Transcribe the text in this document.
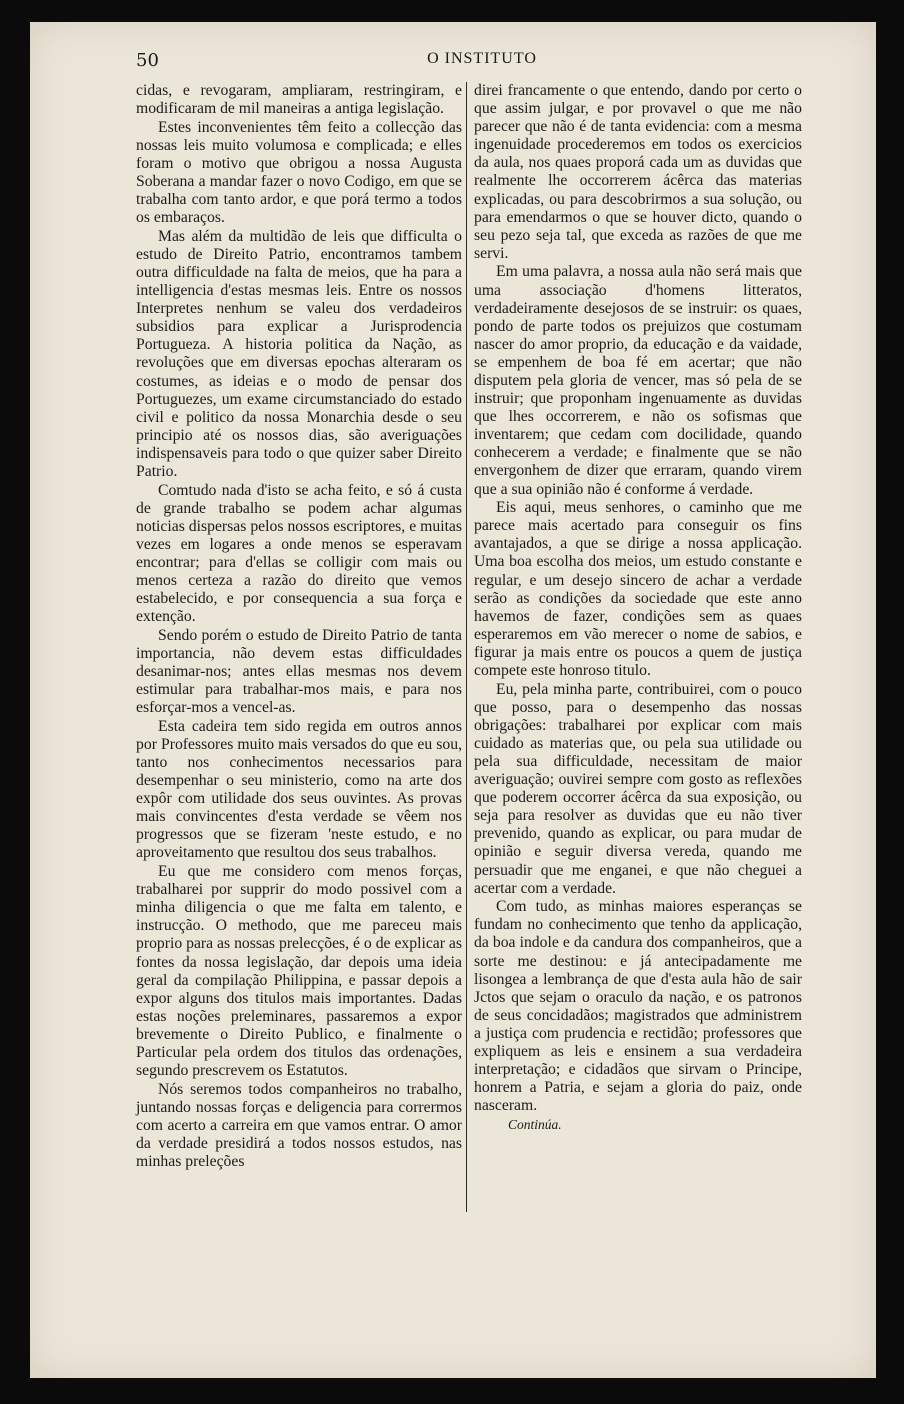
50	O INSTITUTO

cidas, e revogaram, ampliaram, restringiram, e modificaram de mil maneiras a antiga legislação.

Estes inconvenientes têm feito a collecção das nossas leis muito volumosa e complicada; e elles foram o motivo que obrigou a nossa Augusta Soberana a mandar fazer o novo Codigo, em que se trabalha com tanto ardor, e que porá termo a todos os embaraços.

Mas além da multidão de leis que difficulta o estudo de Direito Patrio, encontramos tambem outra difficuldade na falta de meios, que ha para a intelligencia d'estas mesmas leis. Entre os nossos Interpretes nenhum se valeu dos verdadeiros subsidios para explicar a Jurisprodencia Portugueza. A historia politica da Nação, as revoluções que em diversas epochas alteraram os costumes, as ideias e o modo de pensar dos Portuguezes, um exame circumstanciado do estado civil e politico da nossa Monarchia desde o seu principio até os nossos dias, são averiguações indispensaveis para todo o que quizer saber Direito Patrio.

Comtudo nada d'isto se acha feito, e só á custa de grande trabalho se podem achar algumas noticias dispersas pelos nossos escriptores, e muitas vezes em logares a onde menos se esperavam encontrar; para d'ellas se colligir com mais ou menos certeza a razão do direito que vemos estabelecido, e por consequencia a sua força e extenção.

Sendo porém o estudo de Direito Patrio de tanta importancia, não devem estas difficuldades desanimar-nos; antes ellas mesmas nos devem estimular para trabalhar-mos mais, e para nos esforçar-mos a vencel-as.

Esta cadeira tem sido regida em outros annos por Professores muito mais versados do que eu sou, tanto nos conhecimentos necessarios para desempenhar o seu ministerio, como na arte dos expôr com utilidade dos seus ouvintes. As provas mais convincentes d'esta verdade se vêem nos progressos que se fizeram 'neste estudo, e no aproveitamento que resultou dos seus trabalhos.

Eu que me considero com menos forças, trabalharei por supprir do modo possivel com a minha diligencia o que me falta em talento, e instrucção. O methodo, que me pareceu mais proprio para as nossas prelecções, é o de explicar as fontes da nossa legislação, dar depois uma ideia geral da compilação Philippina, e passar depois a expor alguns dos titulos mais importantes. Dadas estas noções preleminares, passaremos a expor brevemente o Direito Publico, e finalmente o Particular pela ordem dos titulos das ordenações, segundo prescrevem os Estatutos.

Nós seremos todos companheiros no trabalho, juntando nossas forças e deligencia para corrermos com acerto a carreira em que vamos entrar. O amor da verdade presidirá a todos nossos estudos, nas minhas preleções

direi francamente o que entendo, dando por certo o que assim julgar, e por provavel o que me não parecer que não é de tanta evidencia: com a mesma ingenuidade procederemos em todos os exercicios da aula, nos quaes proporá cada um as duvidas que realmente lhe occorrerem ácêrca das materias explicadas, ou para descobrirmos a sua solução, ou para emendarmos o que se houver dicto, quando o seu pezo seja tal, que exceda as razões de que me servi.

Em uma palavra, a nossa aula não será mais que uma associação d'homens litteratos, verdadeiramente desejosos de se instruir: os quaes, pondo de parte todos os prejuizos que costumam nascer do amor proprio, da educação e da vaidade, se empenhem de boa fé em acertar; que não disputem pela gloria de vencer, mas só pela de se instruir; que proponham ingenuamente as duvidas que lhes occorrerem, e não os sofismas que inventarem; que cedam com docilidade, quando conhecerem a verdade; e finalmente que se não envergonhem de dizer que erraram, quando virem que a sua opinião não é conforme á verdade.

Eis aqui, meus senhores, o caminho que me parece mais acertado para conseguir os fins avantajados, a que se dirige a nossa applicação. Uma boa escolha dos meios, um estudo constante e regular, e um desejo sincero de achar a verdade serão as condições da sociedade que este anno havemos de fazer, condições sem as quaes esperaremos em vão merecer o nome de sabios, e figurar ja mais entre os poucos a quem de justiça compete este honroso titulo.

Eu, pela minha parte, contribuirei, com o pouco que posso, para o desempenho das nossas obrigações: trabalharei por explicar com mais cuidado as materias que, ou pela sua utilidade ou pela sua difficuldade, necessitam de maior averiguação; ouvirei sempre com gosto as reflexões que poderem occorrer ácêrca da sua exposição, ou seja para resolver as duvidas que eu não tiver prevenido, quando as explicar, ou para mudar de opinião e seguir diversa vereda, quando me persuadir que me enganei, e que não cheguei a acertar com a verdade.

Com tudo, as minhas maiores esperanças se fundam no conhecimento que tenho da applicação, da boa indole e da candura dos companheiros, que a sorte me destinou: e já antecipadamente me lisongea a lembrança de que d'esta aula hão de sair Jctos que sejam o oraculo da nação, e os patronos de seus concidadãos; magistrados que administrem a justiça com prudencia e rectidão; professores que expliquem as leis e ensinem a sua verdadeira interpretação; e cidadãos que sirvam o Principe, honrem a Patria, e sejam a gloria do paiz, onde nasceram.

Continúa.
